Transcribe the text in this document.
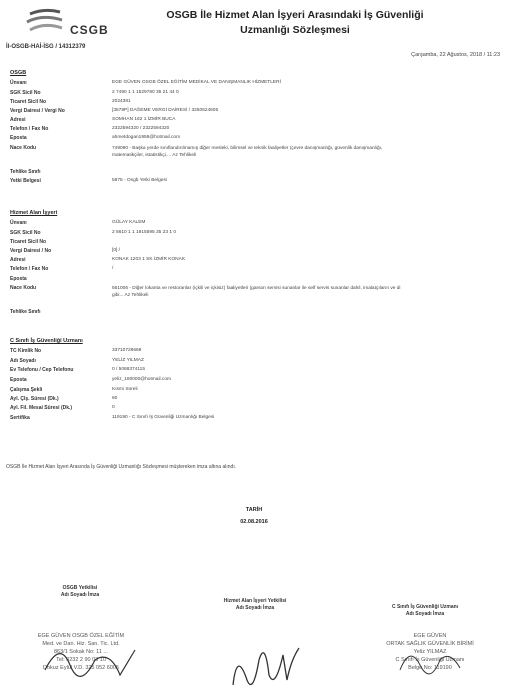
CSGB
OSGB İle Hizmet Alan İşyeri Arasındaki İş Güvenliği
Uzmanlığı Sözleşmesi
İl-OSGB-HAİ-İSG / 14312379
Çarşamba, 22 Ağustos, 2018 / 11:23
OSGB
Ünvanı	EGE GÜVEN OSGB ÖZEL EĞİTİM MEDİKAL VE DANIŞMANLIK HİZMETLERİ
SGK Sicil No	2 7490 1 1 1529780 35 21 44 0
Ticaret Sicil No	2024381
Vergi Dairesi / Vergi No	[3578P] DAĞEME VERGİ DAİRESİ / 3250524605
Adresi	SOMHAN 162 1 İZMİR BUCA
Telefon / Fax No	2322594320 / 2322594320
Eposta	ahmetdogan1958@hotmail.com
Nace Kodu	749090 - Başka yerde sınıflandırılmamış diğer mesleki, bilimsel ve teknik faaliyetler (çevre danışmanlığı, güvenlik danışmanlığı, matematikçiler, istatistikçi,... Az Tehlikeli
Tehlike Sınıfı
Yetki Belgesi	5875 - Osgb Yetki Belgesi
Hizmet Alan İşyeri
Ünvanı	GÜLAY KALEM
SGK Sicil No	2 5610 1 1 1915595 35 23 1 0
Ticaret Sicil No
Vergi Dairesi / No	[0] /
Adresi	KONAK 1203 1 SK İZMİR KONAK
Telefon / Fax No	/
Eposta
Nace Kodu	561006 - Diğer lokanta ve restoranlar (içkili ve içkisiz) faaliyetleri (garson servisi sunanlar ile self servis sunanlar dahil, imalatçıların ve di gibi... Az Tehlikeli
Tehlike Sınıfı
C Sınıfı İş Güvenliği Uzmanı
TC Kimlik No	33710728668
Adı Soyadı	YELİZ YILMAZ
Ev Telefonu / Cep Telefonu	0 / 5068374115
Eposta	yeliz_180000@hotmail.com
Çalışma Şekli	Kısmi Süreli
Ayl. Çlş. Süresi (Dk.)	60
Ayl. Fil. Mesai Süresi (Dk.)	0
Sertifika	119190 - C Sınıfı İş Güvenliği Uzmanlığı Belgesi
OSGB İle Hizmet Alan İşyeri Arasında İş Güvenliği Uzmanlığı Sözleşmesi müştereken imza altına alındı.
TARİH
02.08.2016
OSGB Yetkilisi
Adı Soyadı İmza
Hizmet Alan İşyeri Yetkilisi
Adı Soyadı İmza	C Sınıfı İş Güvenliği Uzmanı
Adı Soyadı İmza
EGE GÜVEN OSGB ÖZEL EĞİTİM
Med. ve Dan. Hiz. San. Tic. Ltd.
863/1 Sokak No: 11 ...
Tel: 0232 2 90 03 10
Dokuz Eylül V.D. 325 052 6005
EGE GÜVEN
ORTAK SAĞLIK GÜVENLİK BİRİMİ
Yeliz YILMAZ
C Sınıfı İş Güvenliği Uzmanı
Belge No: 119190
